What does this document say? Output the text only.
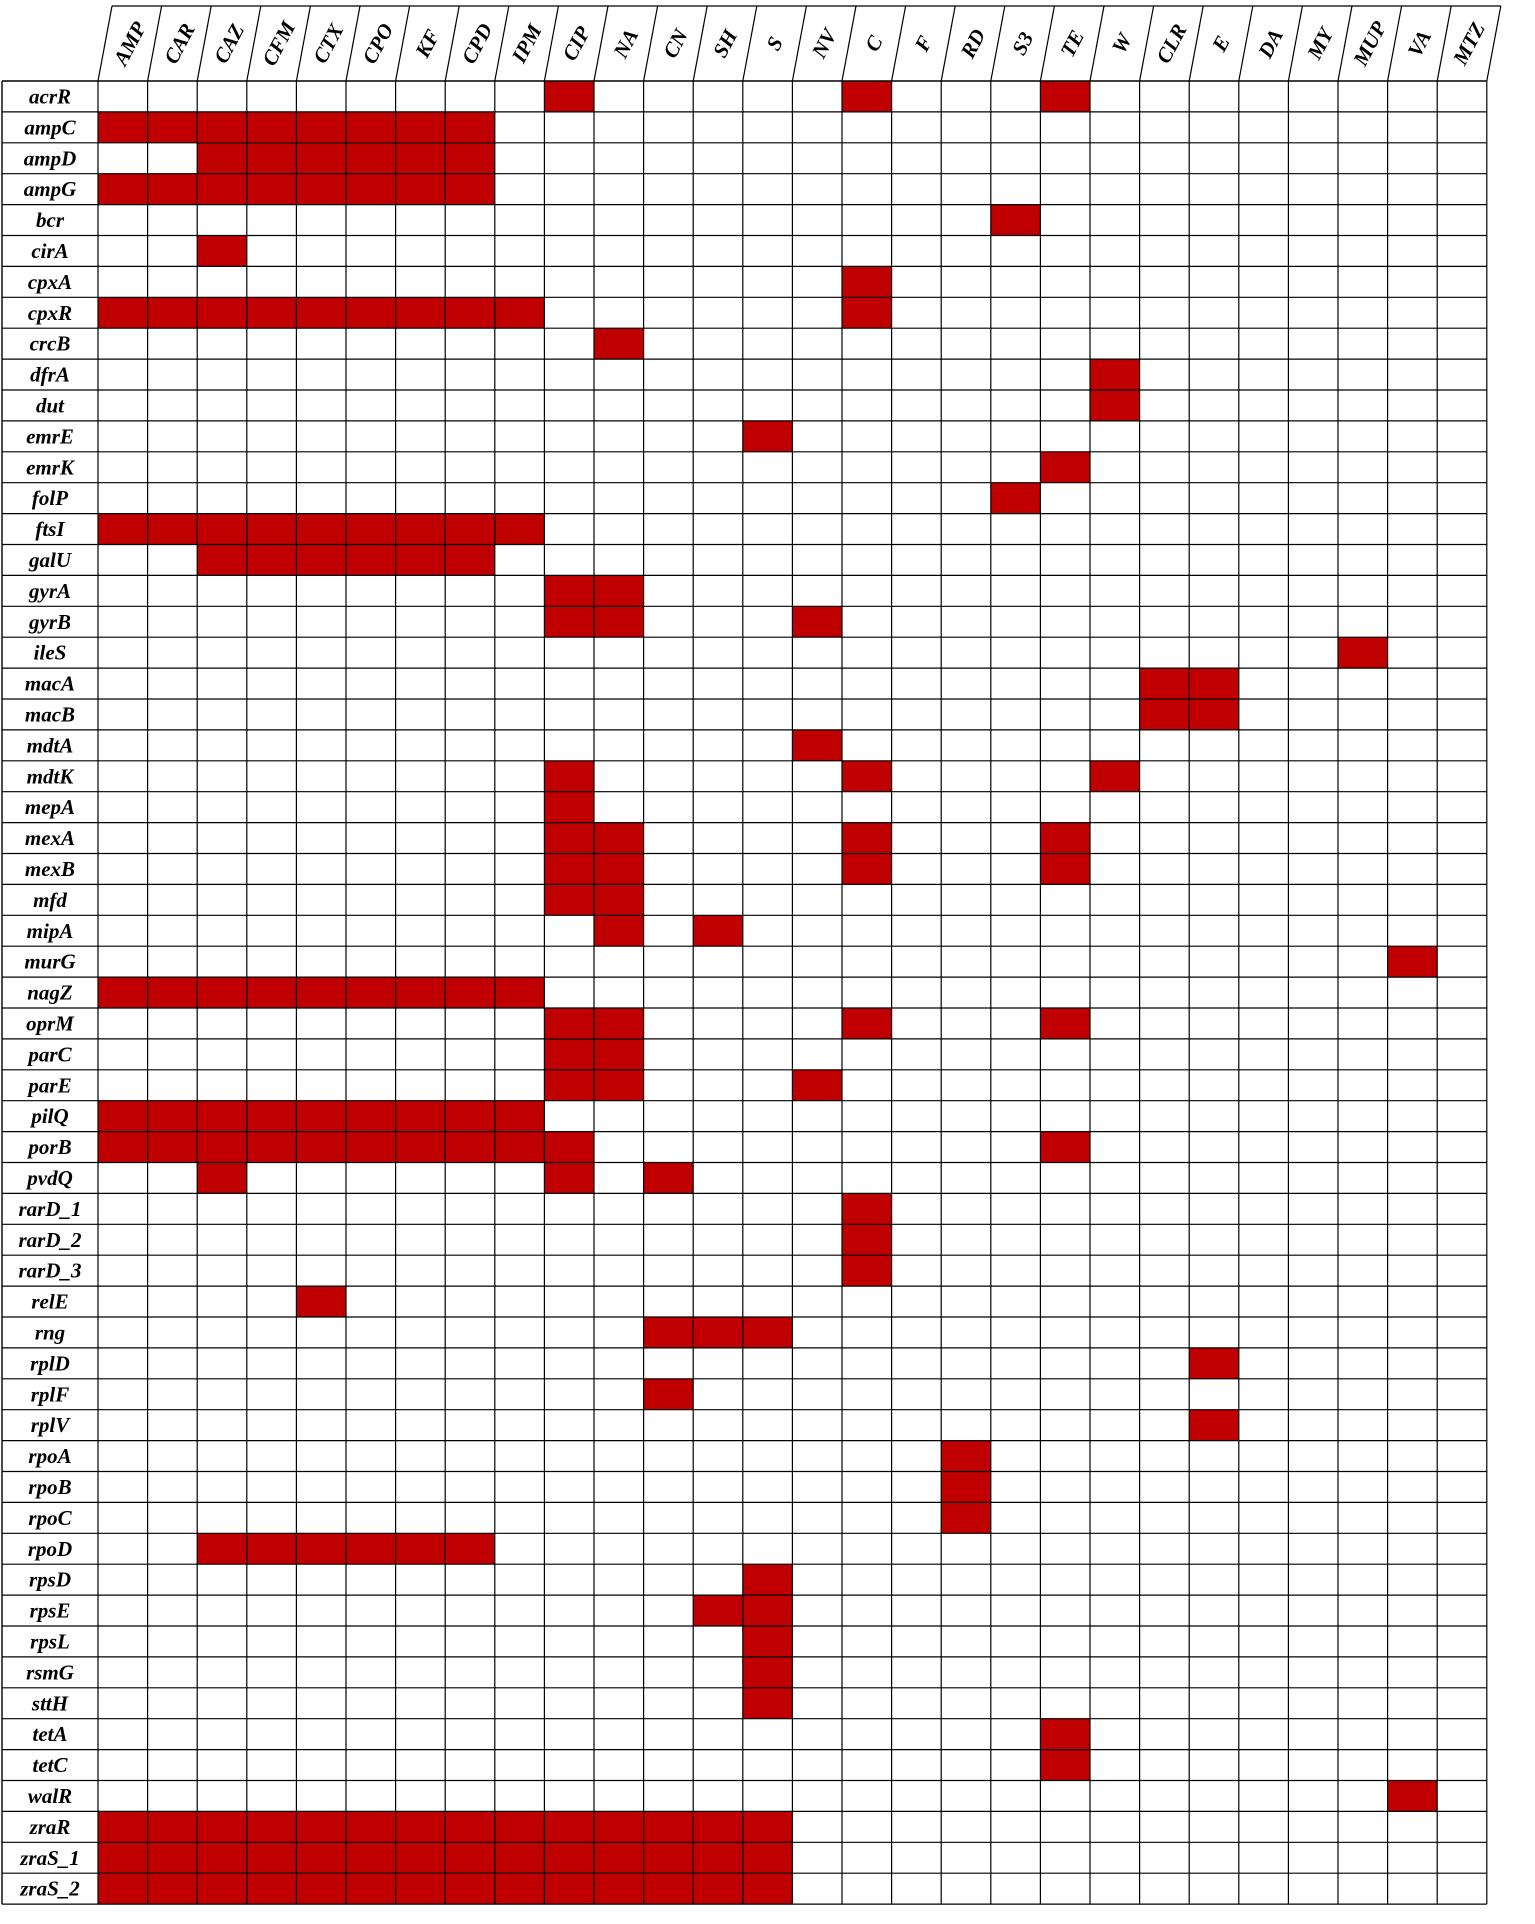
AMP CAR CAZ CFM CTX CPO KF CPD IPM CIP NA CN SH S NV C F RD S3 TE W CLR E DA MY MUP VA MTZ
acrR
ampC
ampD
ampG
bcr
cirA
cpxA
cpxR
crcB
dfrA
dut
emrE
emrK
folP
ftsI
galU
gyrA
gyrB
ileS
macA
macB
mdtA
mdtK
mepA
mexA
mexB
mfd
mipA
murG
nagZ
oprM
parC
parE
pilQ
porB
pvdQ
rarD_1
rarD_2
rarD_3
relE
rng
rplD
rplF
rplV
rpoA
rpoB
rpoC
rpoD
rpsD
rpsE
rpsL
rsmG
sttH
tetA
tetC
walR
zraR
zraS_1
zraS_2
